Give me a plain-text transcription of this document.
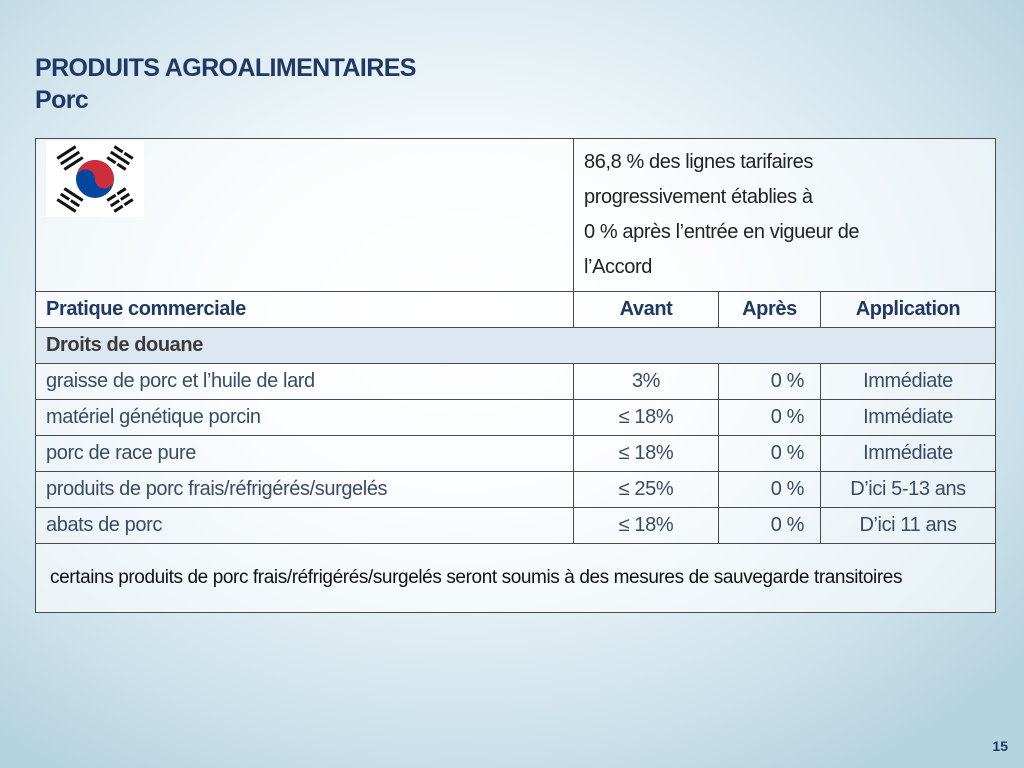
PRODUITS AGROALIMENTAIRES
Porc

86,8 % des lignes tarifaires
progressivement établies à
0 % après l’entrée en vigueur de
l’Accord		

Pratique commerciale	Avant	Après	Application
Droits de douane			
graisse de porc et l’huile de lard	3%	0 %	Immédiate
matériel génétique porcin	≤ 18%	0 %	Immédiate
porc de race pure	≤ 18%	0 %	Immédiate
produits de porc frais/réfrigérés/surgelés	≤ 25%	0 %	D’ici 5-13 ans
abats de porc	≤ 18%	0 %	D’ici 11 ans
certains produits de porc frais/réfrigérés/surgelés seront soumis à des mesures de sauvegarde transitoires			
15
